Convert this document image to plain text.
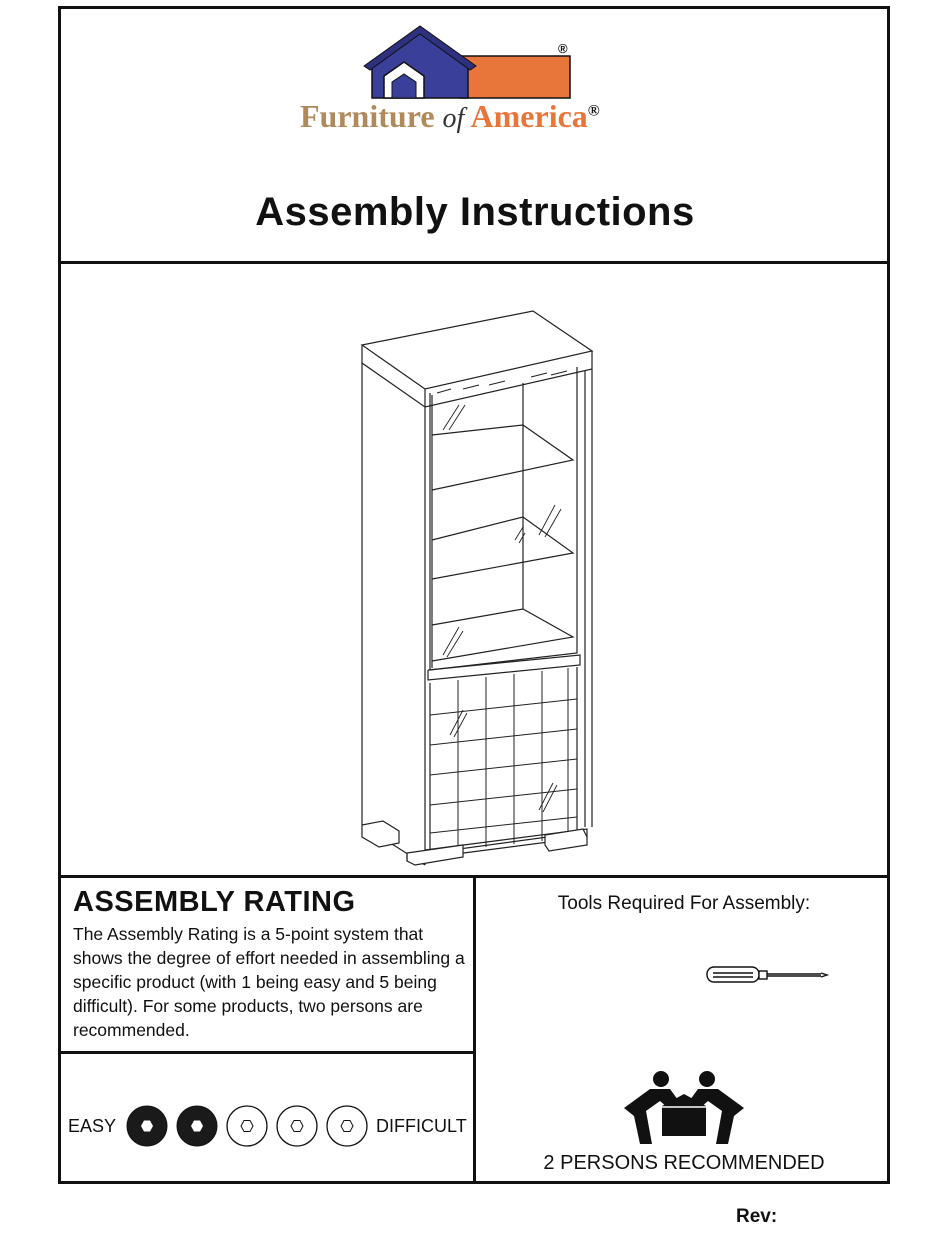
®
Furniture of America®
Assembly Instructions
ASSEMBLY RATING
The Assembly Rating is a 5-point system that shows the degree of effort needed in assembling a specific product (with 1 being easy and 5 being difficult). For some products, two persons are recommended.
EASY	DIFFICULT
Tools Required For Assembly:
2 PERSONS RECOMMENDED
Rev:
